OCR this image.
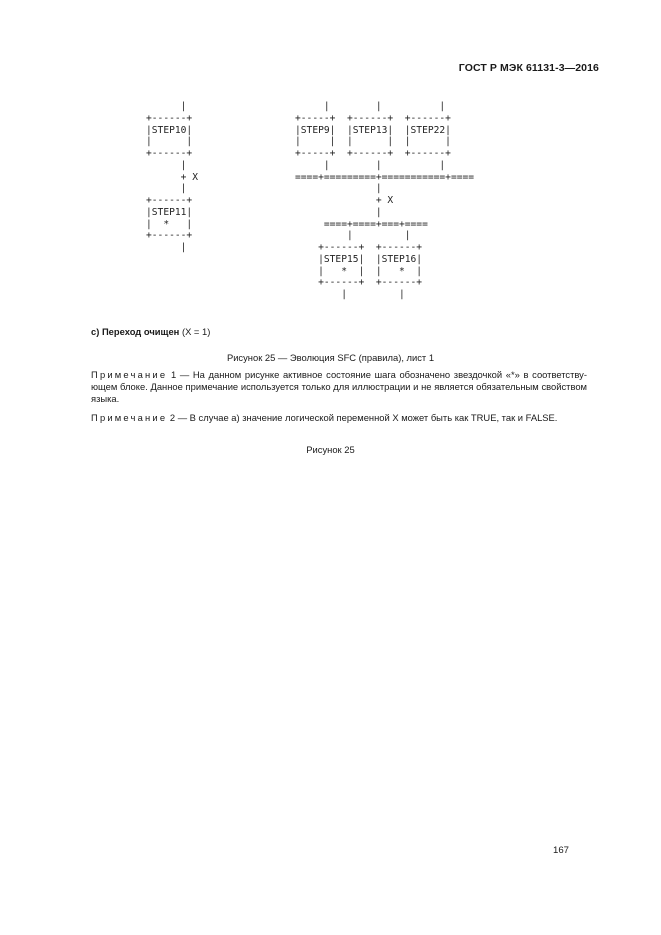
ГОСТ Р МЭК 61131-3—2016
|
+------+
|STEP10|
|      |
+------+
|
+ X
|
+------+
|STEP11|
|  *   |
+------+
|
|        |          |
+-----+  +------+  +------+
|STEP9|  |STEP13|  |STEP22|
|     |  |      |  |      |
+-----+  +------+  +------+
|        |          |
====+=========+===========+====
|
+ X
|
====+====+===+====
|         |
+------+  +------+
|STEP15|  |STEP16|
|   *  |  |   *  |
+------+  +------+
|         |
с) Переход очищен (X = 1)
Рисунок 25 — Эволюция SFC (правила), лист 1
Примечание 1 — На данном рисунке активное состояние шага обозначено звездочкой «*» в соответствующем блоке. Данное примечание используется только для иллюстрации и не является обязательным свойством языка.
Примечание 2 — В случае а) значение логической переменной X может быть как TRUE, так и FALSE.
Рисунок 25
167
